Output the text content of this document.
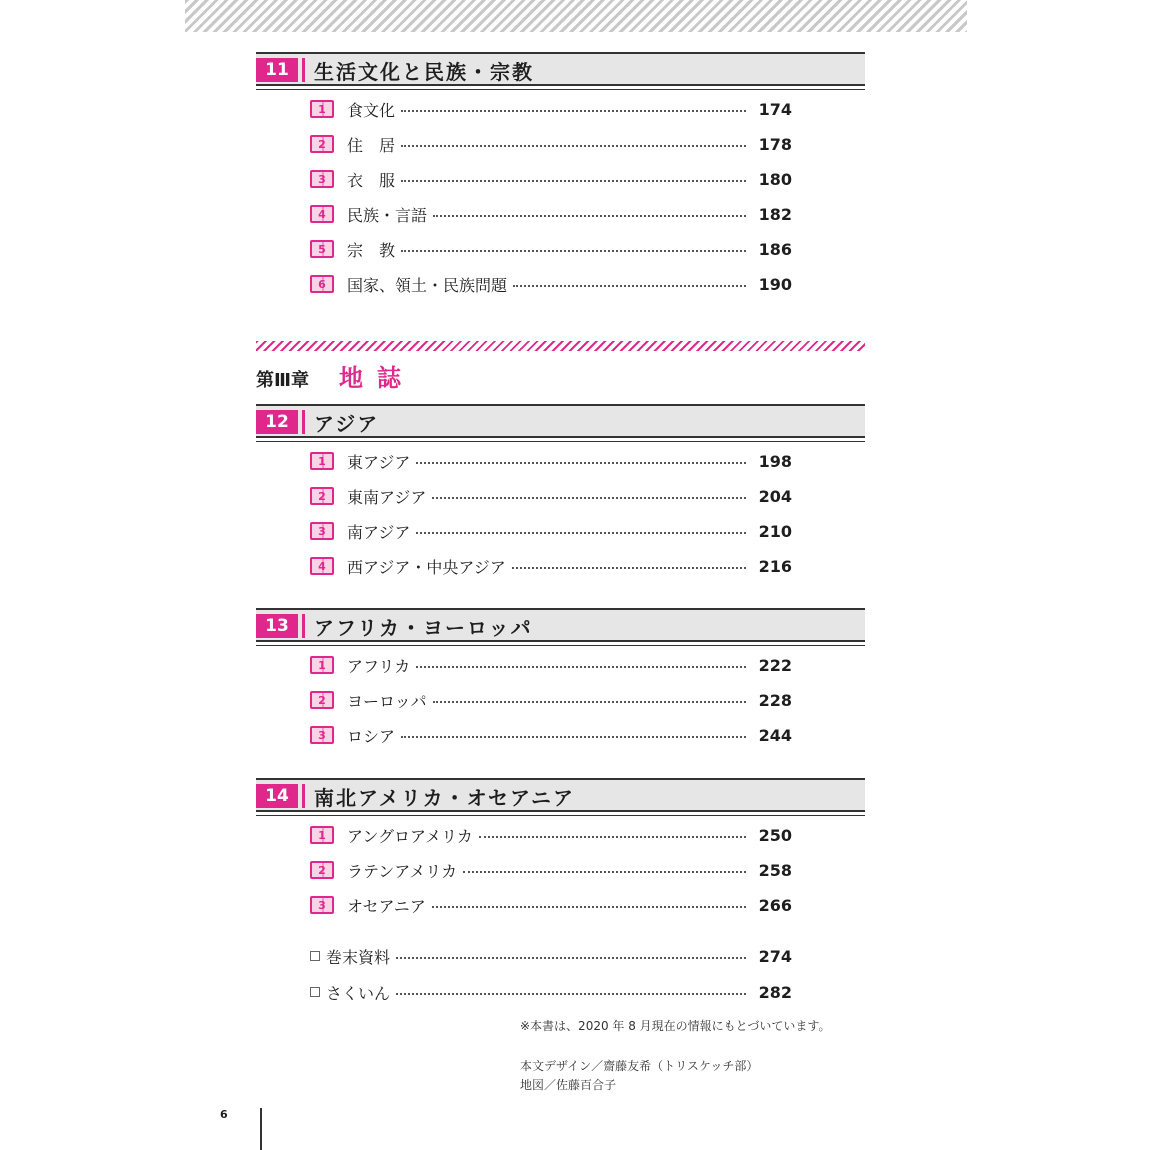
11	生活文化と民族・宗教
1	食文化	174
2	住　居	178
3	衣　服	180
4	民族・言語	182
5	宗　教	186
6	国家、領土・民族問題	190
第Ⅲ章 地誌
12	アジア
1	東アジア	198
2	東南アジア	204
3	南アジア	210
4	西アジア・中央アジア	216
13	アフリカ・ヨーロッパ
1	アフリカ	222
2	ヨーロッパ	228
3	ロシア	244
14	南北アメリカ・オセアニア
1	アングロアメリカ	250
2	ラテンアメリカ	258
3	オセアニア	266
巻末資料	274
さくいん	282
※本書は、2020 年 8 月現在の情報にもとづいています。
本文デザイン／齋藤友希（トリスケッチ部）
地図／佐藤百合子
6
